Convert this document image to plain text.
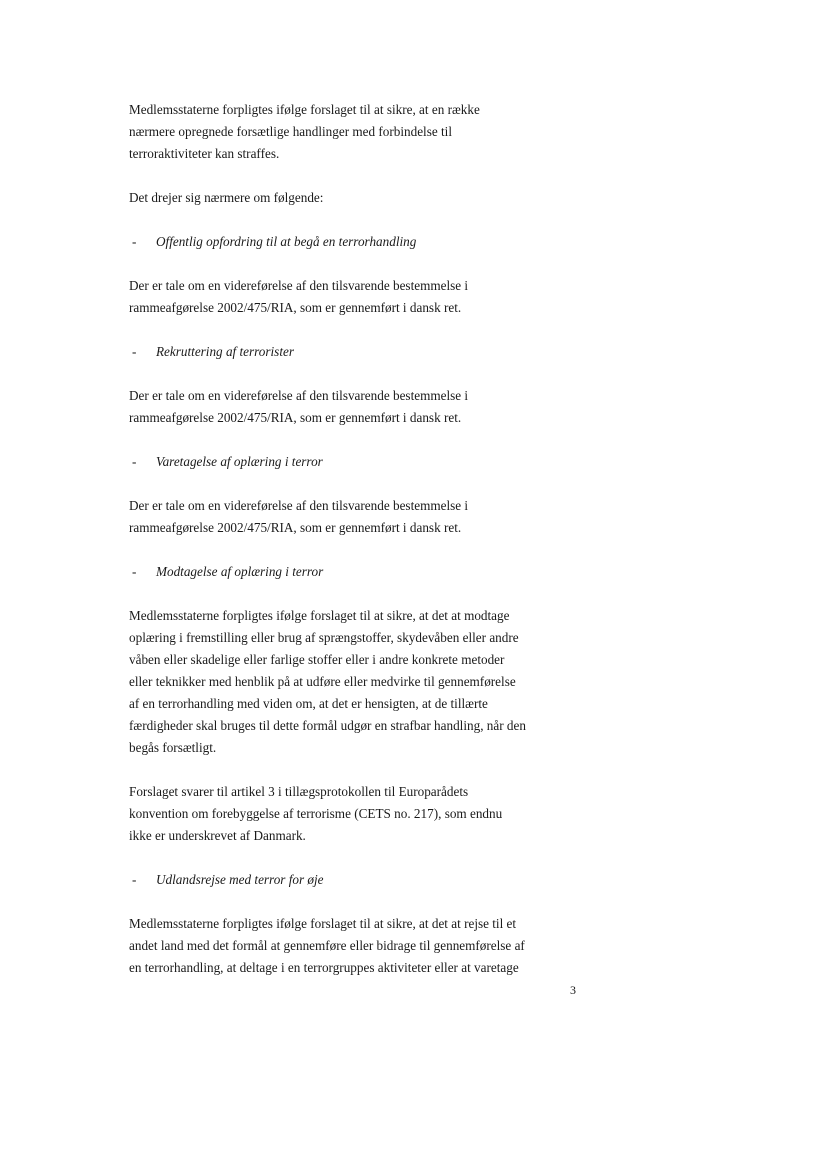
Medlemsstaterne forpligtes ifølge forslaget til at sikre, at en række
nærmere opregnede forsætlige handlinger med forbindelse til
terroraktiviteter kan straffes.

Det drejer sig nærmere om følgende:

- Offentlig opfordring til at begå en terrorhandling

Der er tale om en videreførelse af den tilsvarende bestemmelse i
rammeafgørelse 2002/475/RIA, som er gennemført i dansk ret.

- Rekruttering af terrorister

Der er tale om en videreførelse af den tilsvarende bestemmelse i
rammeafgørelse 2002/475/RIA, som er gennemført i dansk ret.

- Varetagelse af oplæring i terror

Der er tale om en videreførelse af den tilsvarende bestemmelse i
rammeafgørelse 2002/475/RIA, som er gennemført i dansk ret.

- Modtagelse af oplæring i terror

Medlemsstaterne forpligtes ifølge forslaget til at sikre, at det at modtage
oplæring i fremstilling eller brug af sprængstoffer, skydevåben eller andre
våben eller skadelige eller farlige stoffer eller i andre konkrete metoder
eller teknikker med henblik på at udføre eller medvirke til gennemførelse
af en terrorhandling med viden om, at det er hensigten, at de tillærte
færdigheder skal bruges til dette formål udgør en strafbar handling, når den
begås forsætligt.

Forslaget svarer til artikel 3 i tillægsprotokollen til Europarådets
konvention om forebyggelse af terrorisme (CETS no. 217), som endnu
ikke er underskrevet af Danmark.

- Udlandsrejse med terror for øje

Medlemsstaterne forpligtes ifølge forslaget til at sikre, at det at rejse til et
andet land med det formål at gennemføre eller bidrage til gennemførelse af
en terrorhandling, at deltage i en terrorgruppes aktiviteter eller at varetage

3
